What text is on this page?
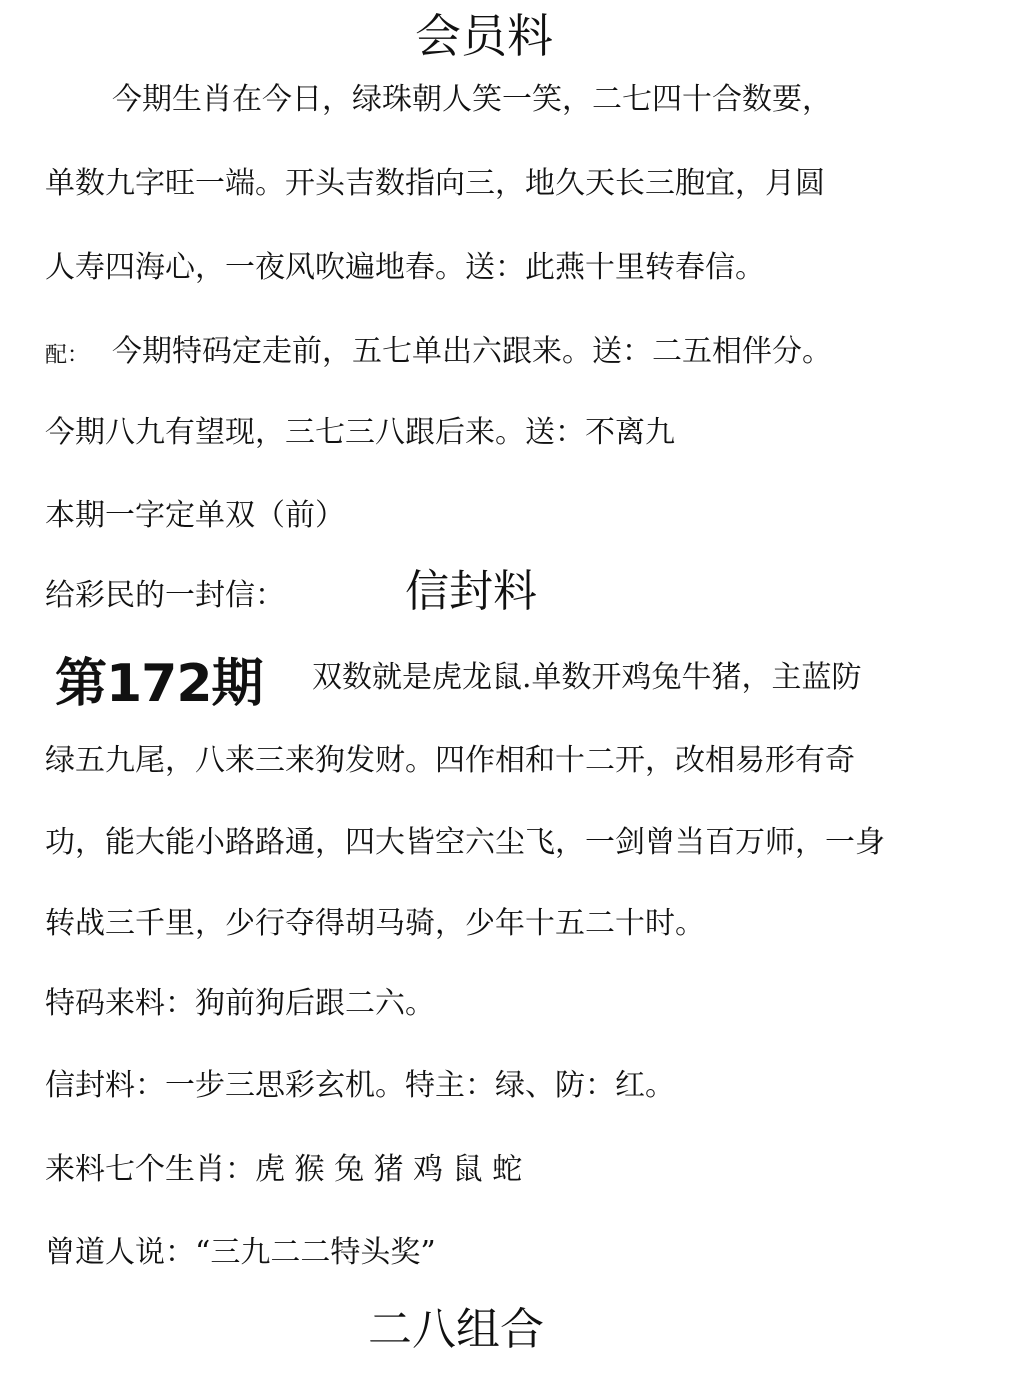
会员料
今期生肖在今日，绿珠朝人笑一笑，二七四十合数要，
单数九字旺一端。开头吉数指向三，地久天长三胞宜，月圆
人寿四海心，一夜风吹遍地春。送：此燕十里转春信。
配： 今期特码定走前，五七单出六跟来。送：二五相伴分。
今期八九有望现，三七三八跟后来。送：不离九
本期一字定单双（前）
给彩民的一封信：	信封料
第172期 双数就是虎龙鼠.单数开鸡兔牛猪，主蓝防
绿五九尾，八来三来狗发财。四作相和十二开，改相易形有奇
功，能大能小路路通，四大皆空六尘飞，一剑曾当百万师，一身
转战三千里，少行夺得胡马骑，少年十五二十时。
特码来料：狗前狗后跟二六。
信封料：一步三思彩玄机。特主：绿、防：红。
来料七个生肖：虎 猴 兔 猪 鸡 鼠 蛇
曾道人说：“三九二二特头奖”
二八组合
